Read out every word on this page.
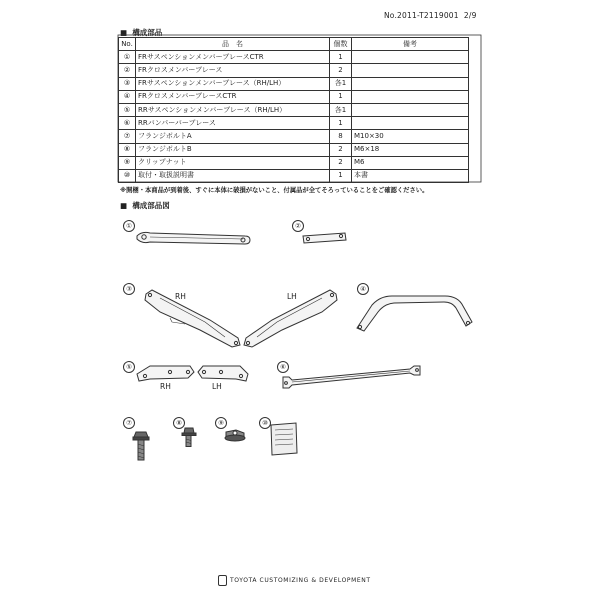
No.2011-T2119001 2/9
■  構成部品
No.	品　名	個数	備考
①	FRサスペンションメンバーブレースCTR	1	
②	FRクロスメンバーブレース	2	
③	FRサスペンションメンバーブレース（RH/LH）	各1	
④	FRクロスメンバーブレースCTR	1	
⑤	RRサスペンションメンバーブレース（RH/LH）	各1	
⑥	RRバンパーバーブレース	1	
⑦	フランジボルトA	8	M10×30
⑧	フランジボルトB	2	M6×18
⑨	クリップナット	2	M6
⑩	取付・取扱説明書	1	本書
※開梱・本商品が到着後、すぐに本体に破損がないこと、付属品が全てそろっていることをご確認ください。
■  構成部品図
①	②
③	④
⑤	⑥
⑦	⑧	⑨	⑩
RH	LH
RH	LH
TOYOTA CUSTOMIZING & DEVELOPMENT
